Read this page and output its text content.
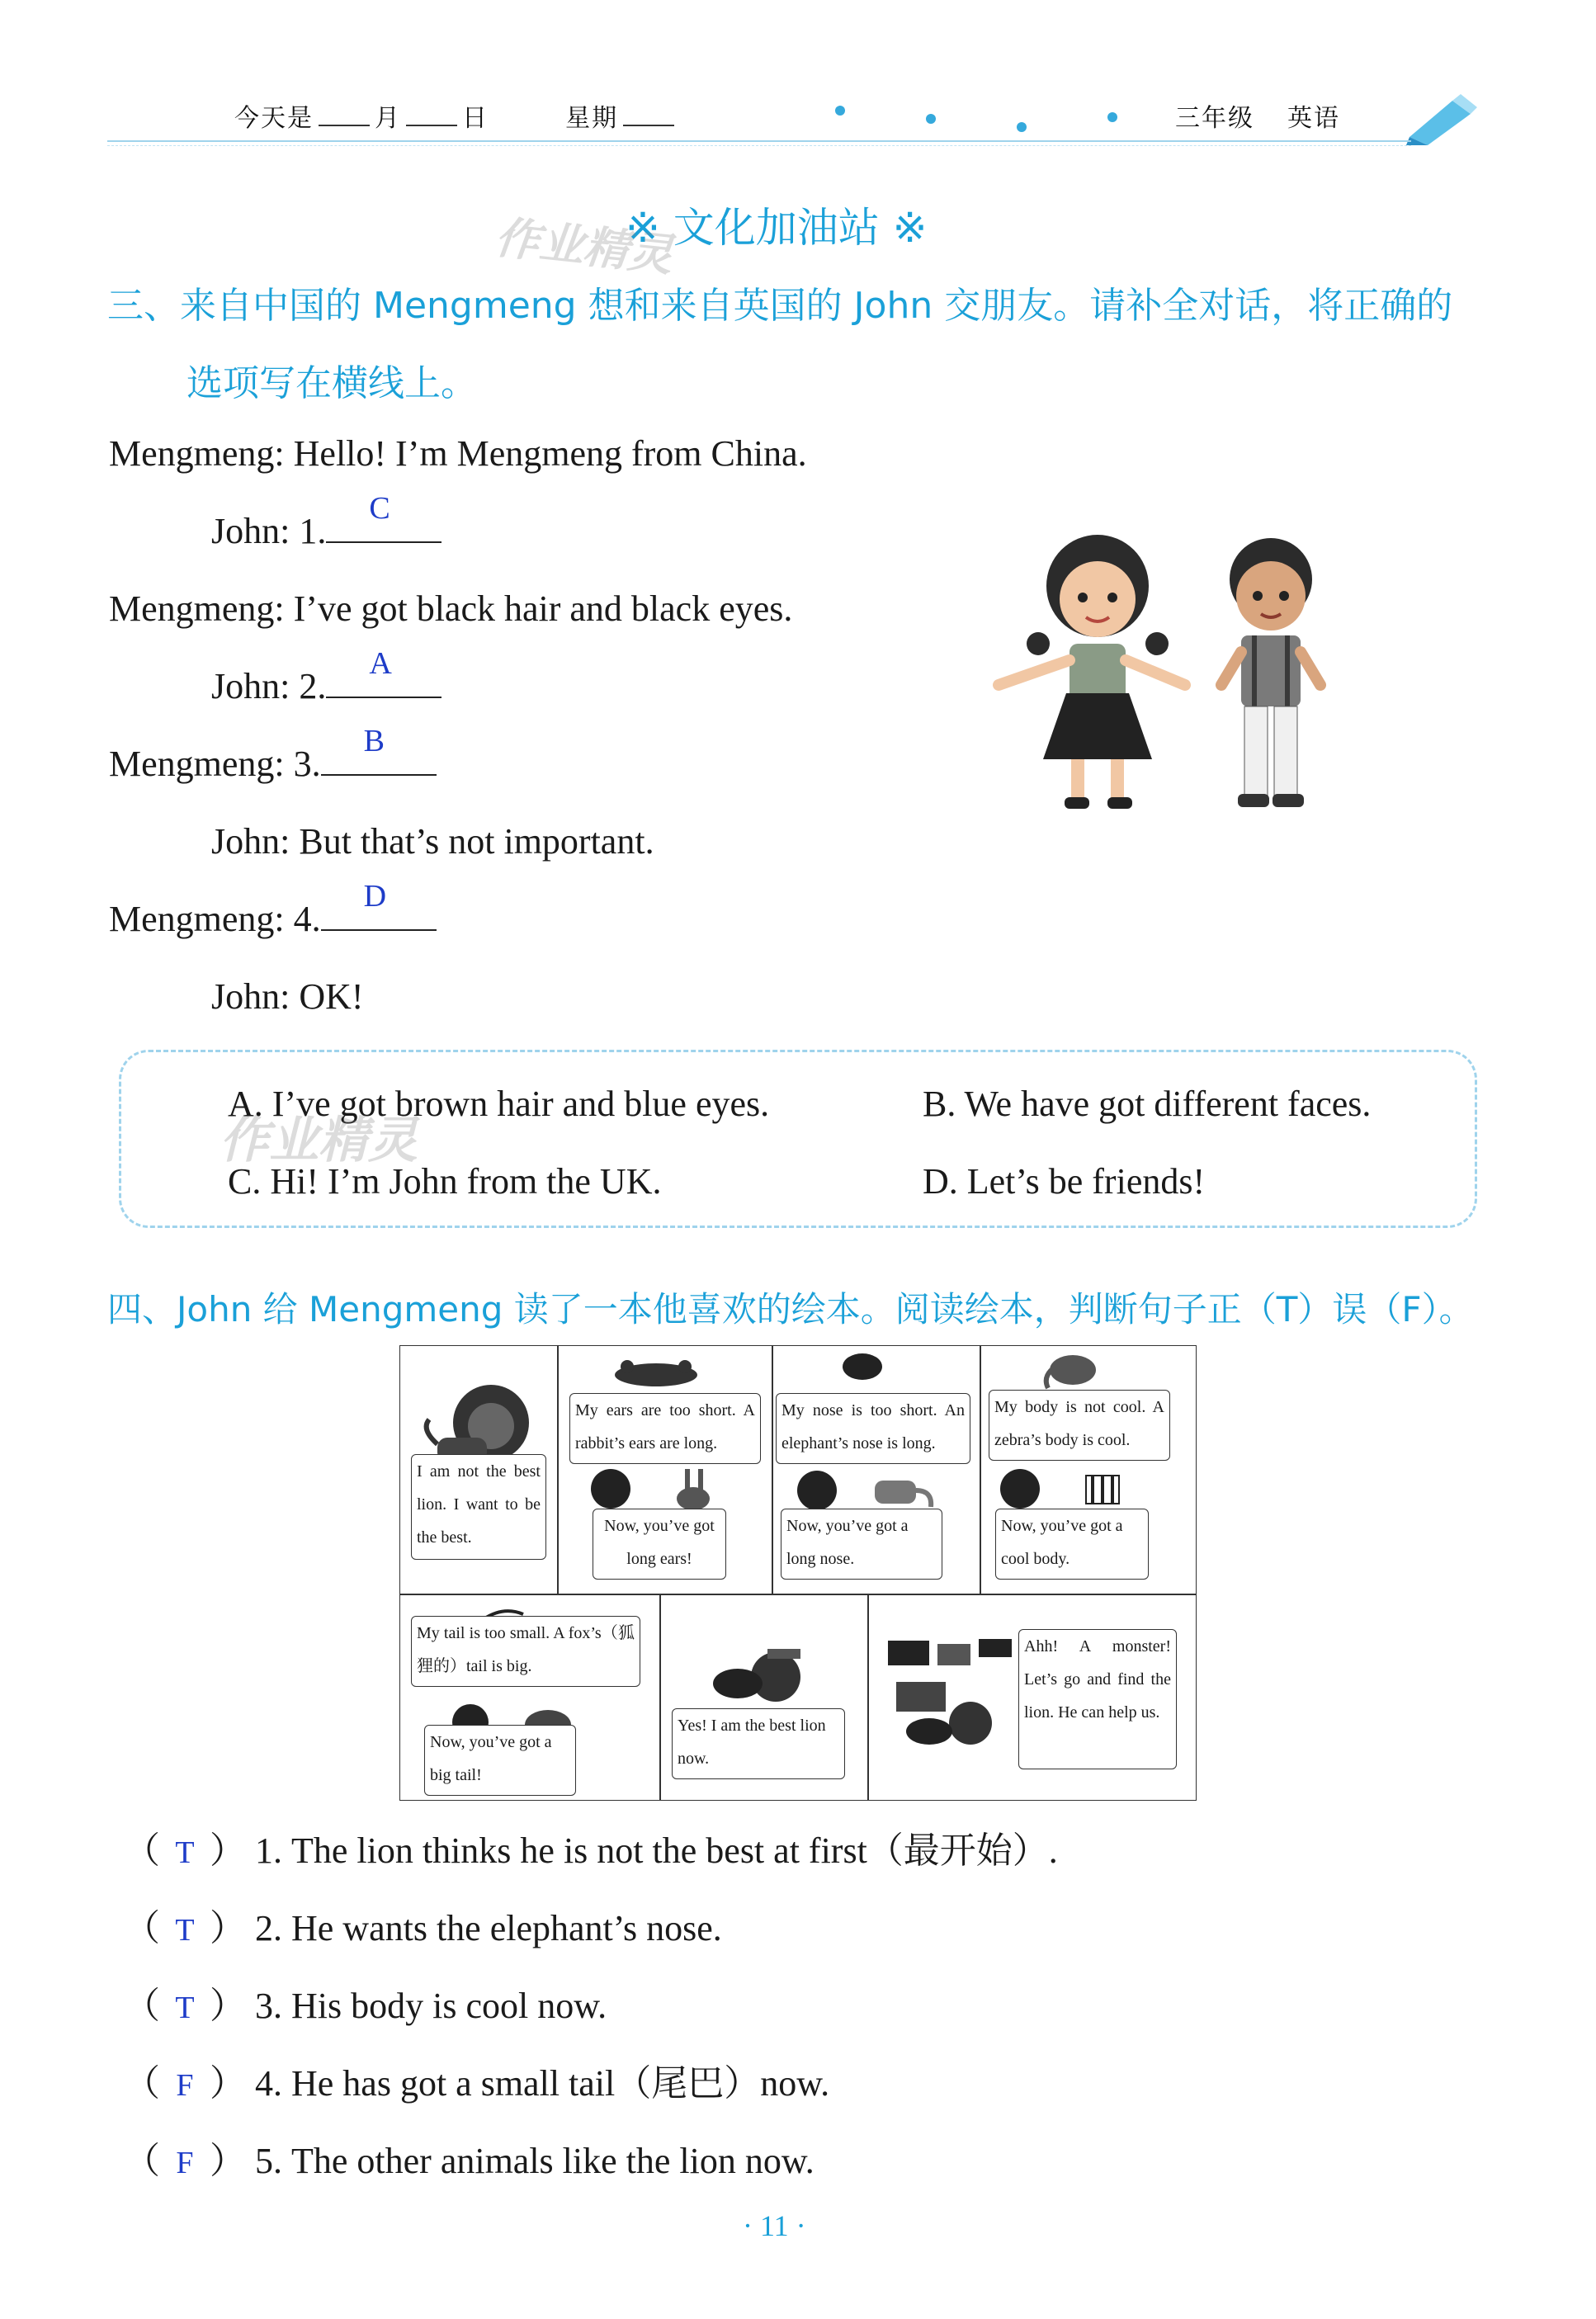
今天是 月 日	星期	三年级 英语
※ 文化加油站 ※
作业精灵
三、来自中国的 Mengmeng 想和来自英国的 John 交朋友。请补全对话，将正确的
选项写在横线上。
Mengmeng: Hello! I’m Mengmeng from China.
John: 1.
C
Mengmeng: I’ve got black hair and black eyes.
John: 2.
A
Mengmeng: 3.
B
John: But that’s not important.
Mengmeng: 4.
D
John: OK!
A. I’ve got brown hair and blue eyes.	B. We have got different faces.
C. Hi! I’m John from the UK.	D. Let’s be friends!
作业精灵
四、John 给 Mengmeng 读了一本他喜欢的绘本。阅读绘本，判断句子正（T）误（F）。
I am not the best lion. I want to be the best.
My ears are too short. A rabbit’s ears are long.
Now, you’ve got long ears!
My nose is too short. An elephant’s nose is long.
Now, you’ve got a long nose.
My body is not cool. A zebra’s body is cool.
Now, you’ve got a cool body.
My tail is too small. A fox’s（狐狸的）tail is big.
Now, you’ve got a big tail!
Yes! I am the best lion now.
Ahh! A monster! Let’s go and find the lion. He can help us.
（ T ） 1. The lion thinks he is not the best at first（最开始）.
（ T ） 2. He wants the elephant’s nose.
（ T ） 3. His body is cool now.
（ F ） 4. He has got a small tail（尾巴）now.
（ F ） 5. The other animals like the lion now.
· 11 ·
